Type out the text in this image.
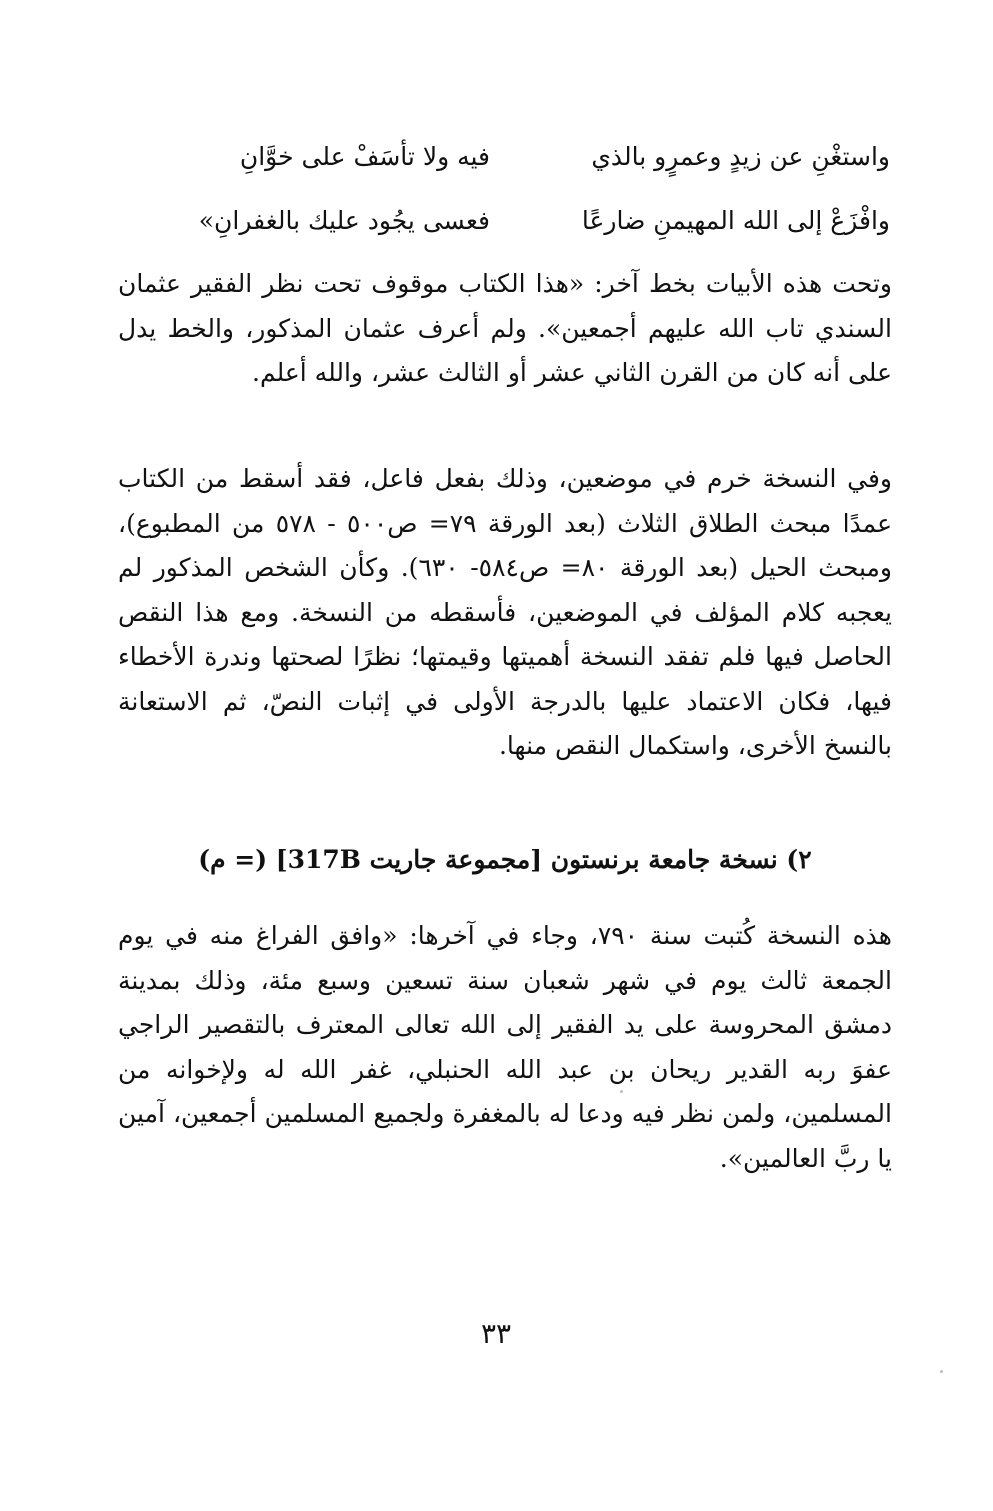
واستغْنِ عن زيدٍ وعمرٍو بالذي
فيه ولا تأسَفْ على خوَّانِ
وافْزَعْ إلى الله المهيمنِ ضارعًا
فعسى يجُود عليك بالغفرانِ»

وتحت هذه الأبيات بخط آخر: «هذا الكتاب موقوف تحت نظر الفقير عثمان السندي تاب الله عليهم أجمعين». ولم أعرف عثمان المذكور، والخط يدل على أنه كان من القرن الثاني عشر أو الثالث عشر، والله أعلم.

وفي النسخة خرم في موضعين، وذلك بفعل فاعل، فقد أسقط من الكتاب عمدًا مبحث الطلاق الثلاث (بعد الورقة ٧٩= ص٥٠٠ - ٥٧٨ من المطبوع)، ومبحث الحيل (بعد الورقة ٨٠= ص٥٨٤- ٦٣٠). وكأن الشخص المذكور لم يعجبه كلام المؤلف في الموضعين، فأسقطه من النسخة. ومع هذا النقص الحاصل فيها فلم تفقد النسخة أهميتها وقيمتها؛ نظرًا لصحتها وندرة الأخطاء فيها، فكان الاعتماد عليها بالدرجة الأولى في إثبات النصّ، ثم الاستعانة بالنسخ الأخرى، واستكمال النقص منها.

٢) نسخة جامعة برنستون [مجموعة جاريت 317B] (= م)

هذه النسخة كُتبت سنة ٧٩٠، وجاء في آخرها: «وافق الفراغ منه في يوم الجمعة ثالث يوم في شهر شعبان سنة تسعين وسبع مئة، وذلك بمدينة دمشق المحروسة على يد الفقير إلى الله تعالى المعترف بالتقصير الراجي عفوَ ربه القدير ريحان بن عبد الله الحنبلي، غفر الله له ولإخوانه من المسلمين، ولمن نظر فيه ودعا له بالمغفرة ولجميع المسلمين أجمعين، آمين يا ربَّ العالمين».

٣٣
